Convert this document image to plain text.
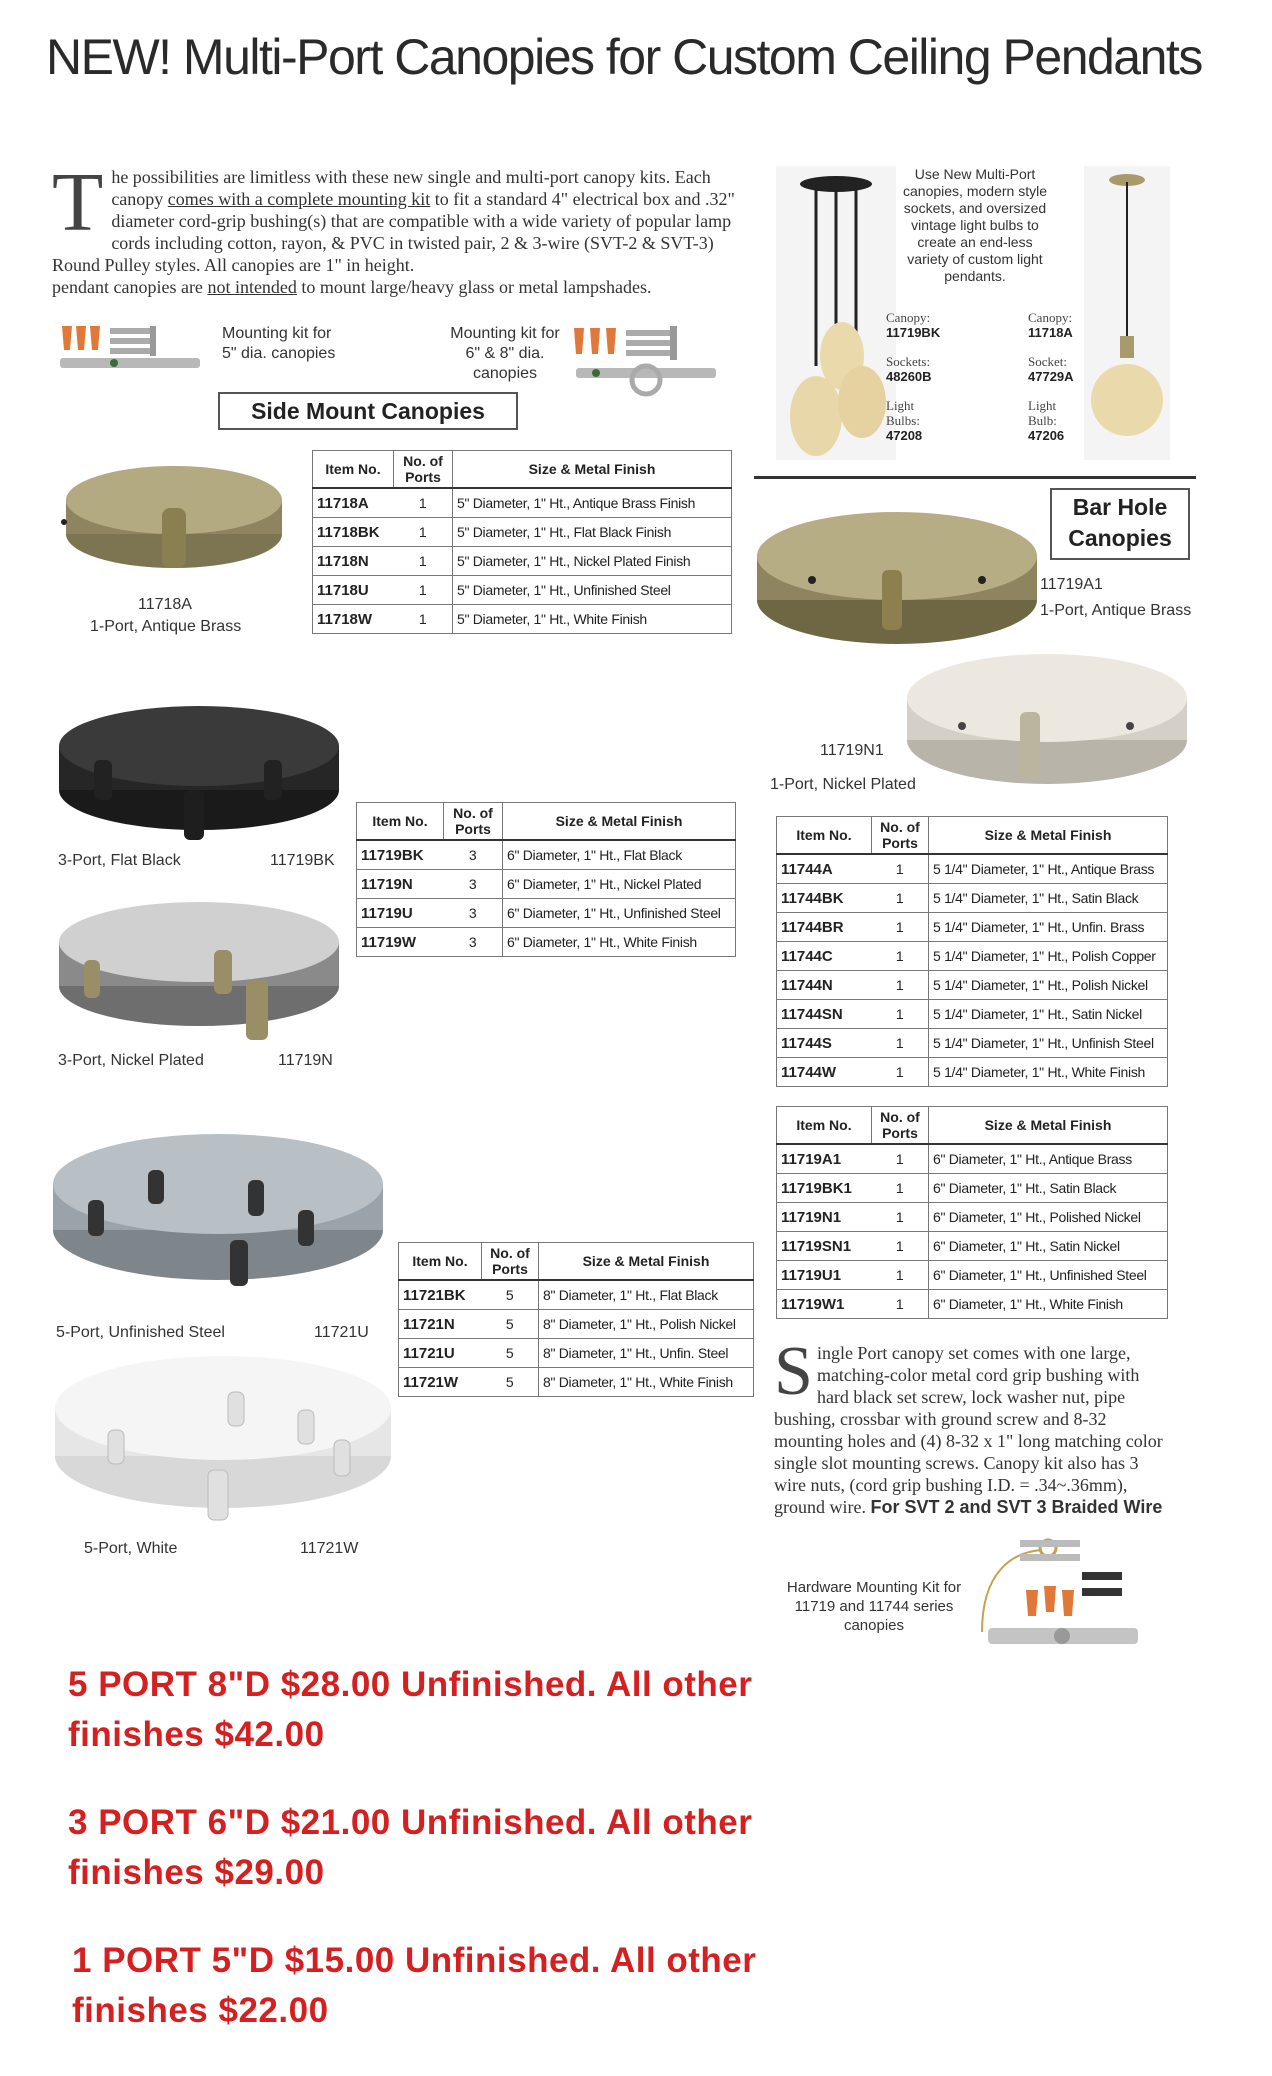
NEW! Multi-Port Canopies for Custom Ceiling Pendants
The possibilities are limitless with these new single and multi-port canopy kits. Each canopy comes with a complete mounting kit to fit a standard 4" electrical box and .32" diameter cord-grip bushing(s) that are compatible with a wide variety of popular lamp cords including cotton, rayon, & PVC in twisted pair, 2 & 3-wire (SVT-2 & SVT-3) Round Pulley styles. All canopies are 1" in height.
pendant canopies are not intended to mount large/heavy glass or metal lampshades.
Mounting kit for 5" dia. canopies
Mounting kit for 6" & 8" dia. canopies
Side Mount Canopies
11718A
1-Port, Antique Brass
3-Port, Flat Black	11719BK
3-Port, Nickel Plated	11719N
5-Port, Unfinished Steel	11721U
5-Port, White	11721W
Item No.	No. of Ports	Size & Metal Finish
11718A	1	5" Diameter, 1" Ht., Antique Brass Finish
11718BK	1	5" Diameter, 1" Ht., Flat Black Finish
11718N	1	5" Diameter, 1" Ht., Nickel Plated Finish
11718U	1	5" Diameter, 1" Ht., Unfinished Steel
11718W	1	5" Diameter, 1" Ht., White Finish
Item No.	No. of Ports	Size & Metal Finish
11719BK	3	6" Diameter, 1" Ht., Flat Black
11719N	3	6" Diameter, 1" Ht., Nickel Plated
11719U	3	6" Diameter, 1" Ht., Unfinished Steel
11719W	3	6" Diameter, 1" Ht., White Finish
Item No.	No. of Ports	Size & Metal Finish
11721BK	5	8" Diameter, 1" Ht., Flat Black
11721N	5	8" Diameter, 1" Ht., Polish Nickel
11721U	5	8" Diameter, 1" Ht., Unfin. Steel
11721W	5	8" Diameter, 1" Ht., White Finish
Use New Multi-Port canopies, modern style sockets, and oversized vintage light bulbs to create an end-less variety of custom light pendants.
Canopy:
11719BK
Sockets:
48260B
Light Bulbs:
47208
Canopy:
11718A
Socket:
47729A
Light Bulb:
47206
Bar Hole Canopies
11719A1
1-Port, Antique Brass
11719N1
1-Port, Nickel Plated
Item No.	No. of Ports	Size & Metal Finish
11744A	1	5 1/4" Diameter, 1" Ht., Antique Brass
11744BK	1	5 1/4" Diameter, 1" Ht., Satin Black
11744BR	1	5 1/4" Diameter, 1" Ht., Unfin. Brass
11744C	1	5 1/4" Diameter, 1" Ht., Polish Copper
11744N	1	5 1/4" Diameter, 1" Ht., Polish Nickel
11744SN	1	5 1/4" Diameter, 1" Ht., Satin Nickel
11744S	1	5 1/4" Diameter, 1" Ht., Unfinish Steel
11744W	1	5 1/4" Diameter, 1" Ht., White Finish
Item No.	No. of Ports	Size & Metal Finish
11719A1	1	6" Diameter, 1" Ht., Antique Brass
11719BK1	1	6" Diameter, 1" Ht., Satin Black
11719N1	1	6" Diameter, 1" Ht., Polished Nickel
11719SN1	1	6" Diameter, 1" Ht., Satin Nickel
11719U1	1	6" Diameter, 1" Ht., Unfinished Steel
11719W1	1	6" Diameter, 1" Ht., White Finish
Single Port canopy set comes with one large, matching-color metal cord grip bushing with hard black set screw, lock washer nut, pipe bushing, crossbar with ground screw and 8-32 mounting holes and (4) 8-32 x 1" long matching color single slot mounting screws. Canopy kit also has 3 wire nuts, (cord grip bushing I.D. = .34~.36mm), ground wire. For SVT 2 and SVT 3 Braided Wire
Hardware Mounting Kit for 11719 and 11744 series canopies
5 PORT 8"D $28.00 Unfinished. All other
finishes $42.00
3 PORT 6"D $21.00 Unfinished. All other
finishes $29.00
1 PORT 5"D $15.00 Unfinished. All other
finishes $22.00
